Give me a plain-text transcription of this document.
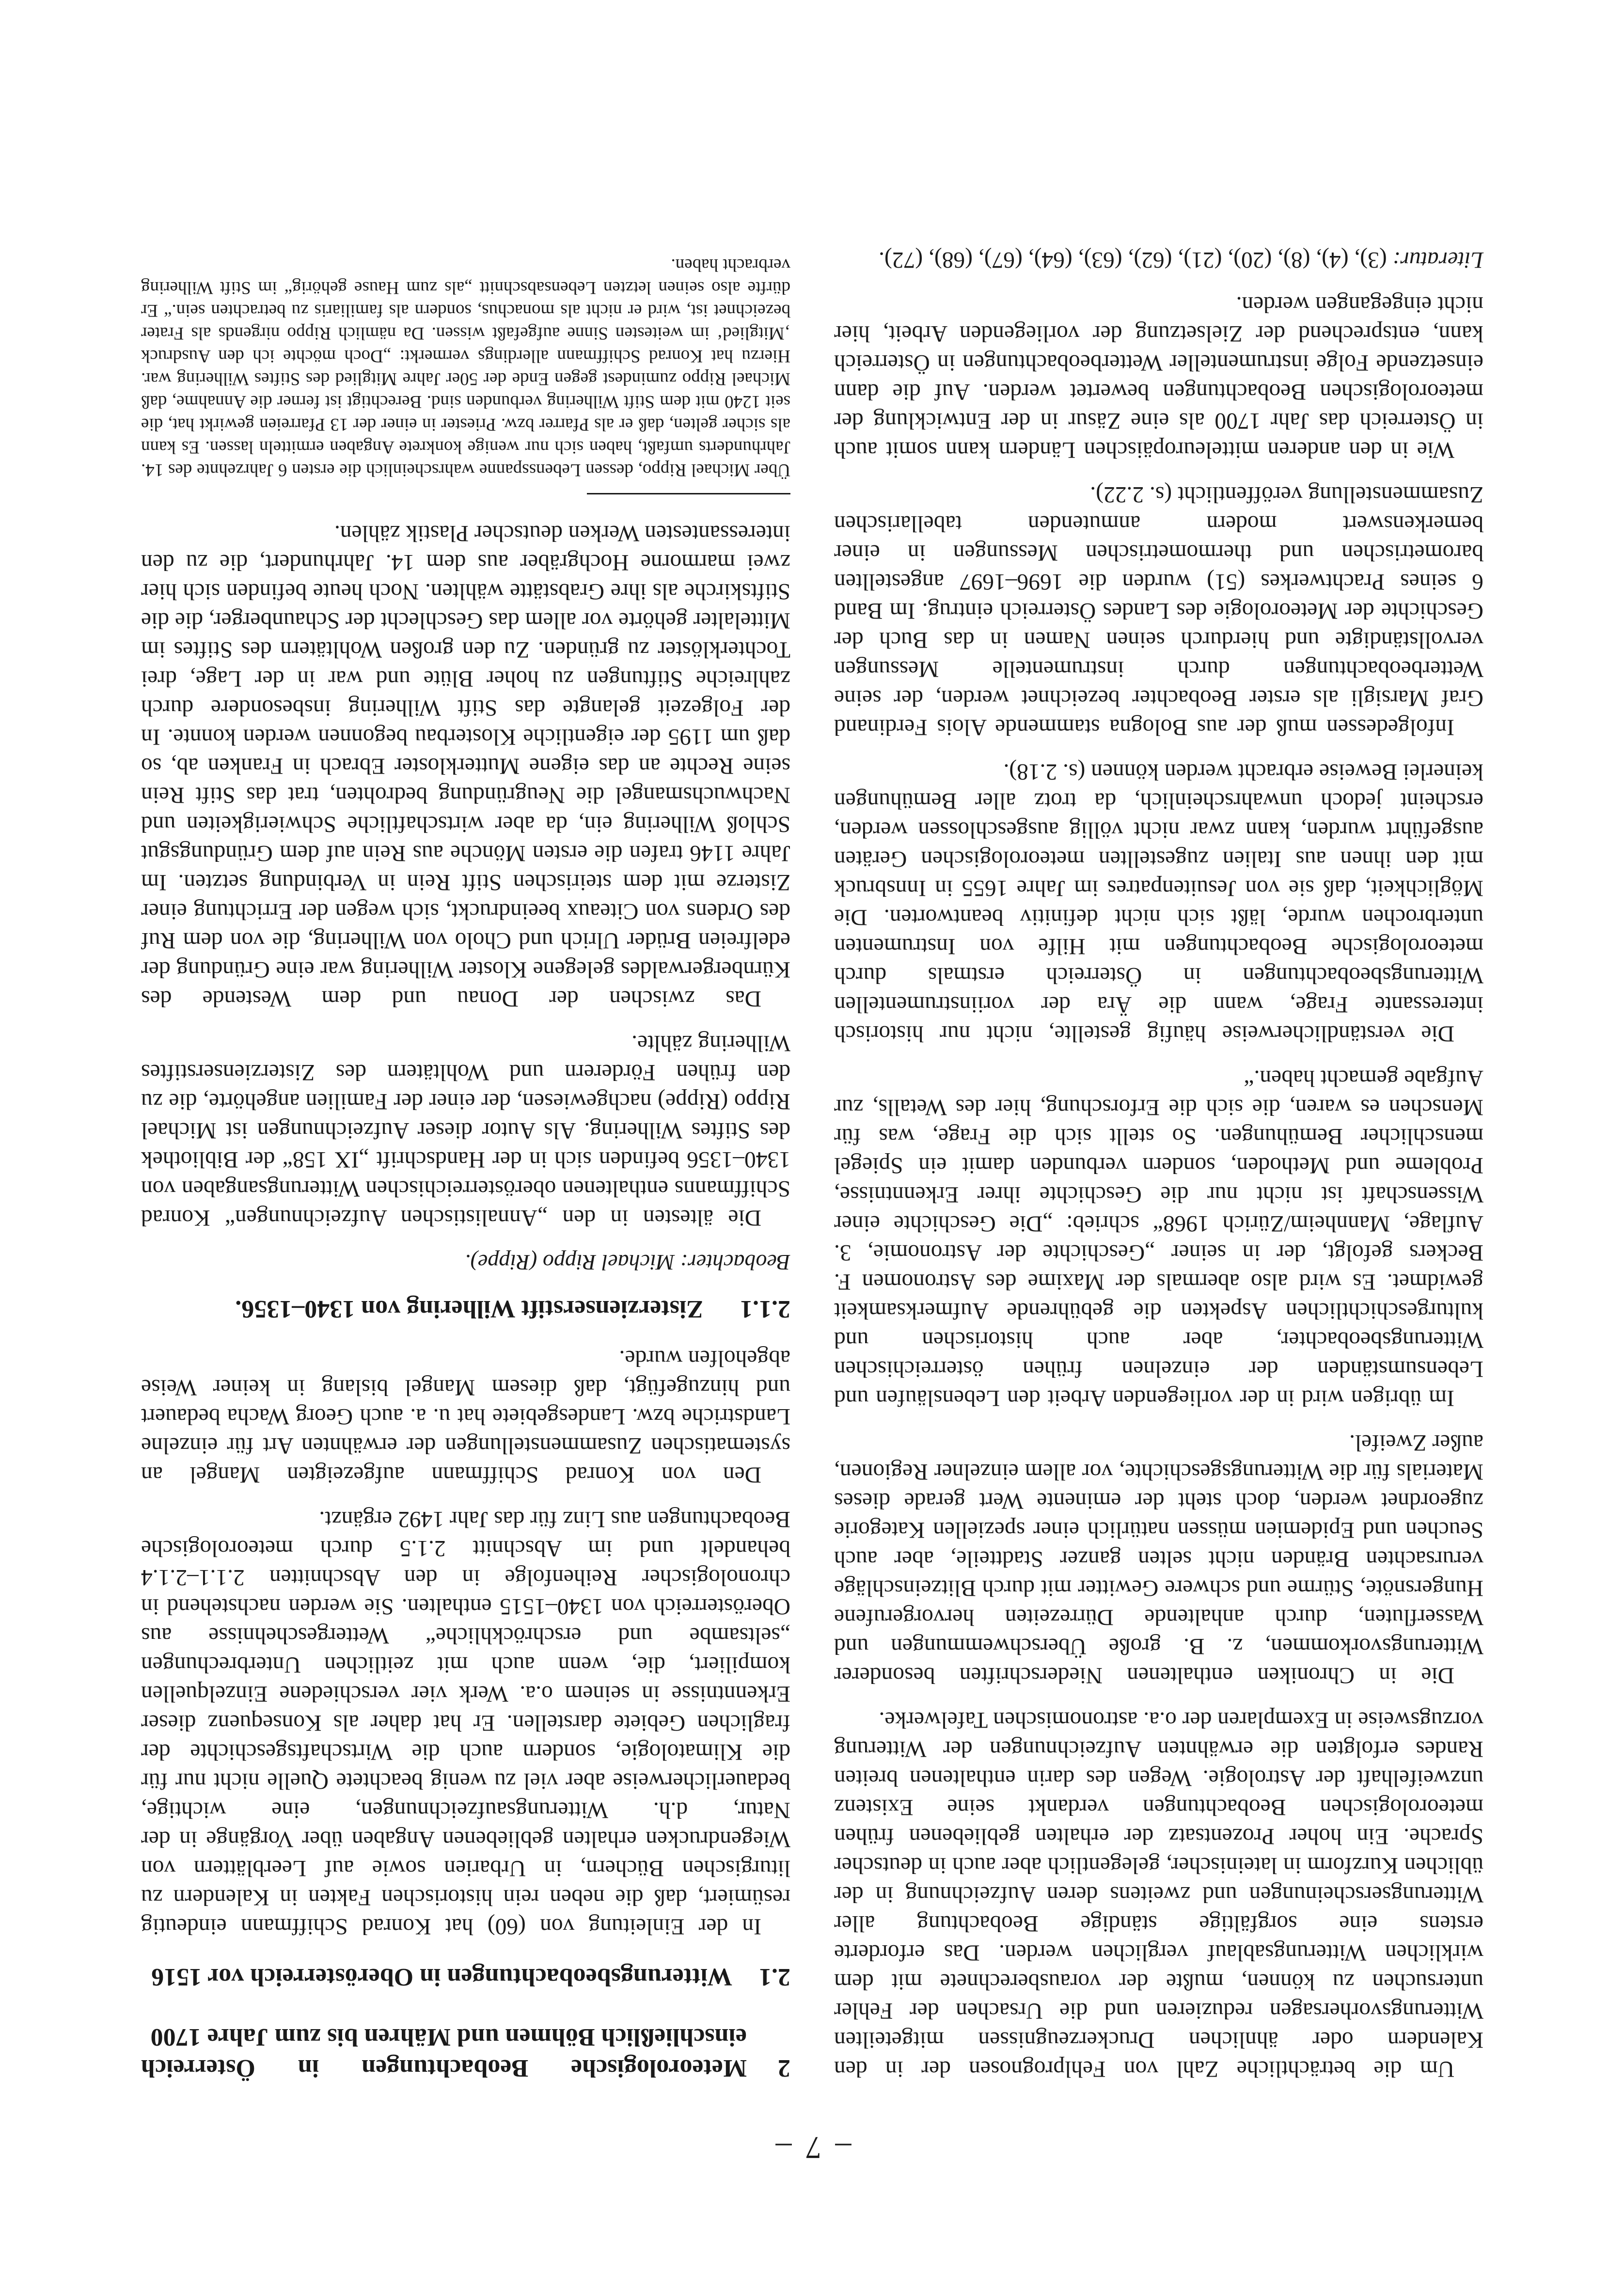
– 7 –

Um die beträchtliche Zahl von Fehlprognosen der in den Kalendern oder ähnlichen Druckerzeugnissen mitgeteilten Witterungsvorhersagen reduzieren und die Ursachen der Fehler untersuchen zu können, mußte der vorausberechnete mit dem wirklichen Witterungsablauf verglichen werden. Das erforderte erstens eine sorgfältige ständige Beobachtung aller Witterungserscheinungen und zweitens deren Aufzeichnung in der üblichen Kurzform in lateinischer, gelegentlich aber auch in deutscher Sprache. Ein hoher Prozentsatz der erhalten gebliebenen frühen meteorologischen Beobachtungen verdankt seine Existenz unzweifelhaft der Astrologie. Wegen des darin enthaltenen breiten Randes erfolgten die erwähnten Aufzeichnungen der Witterung vorzugsweise in Exemplaren der o.a. astronomischen Tafelwerke.

Die in Chroniken enthaltenen Niederschriften besonderer Witterungsvorkommen, z. B. große Überschwemmungen und Wasserfluten, durch anhaltende Dürrezeiten hervorgerufene Hungersnöte, Stürme und schwere Gewitter mit durch Blitzeinschläge verursachten Bränden nicht selten ganzer Stadtteile, aber auch Seuchen und Epidemien müssen natürlich einer speziellen Kategorie zugeordnet werden, doch steht der eminente Wert gerade dieses Materials für die Witterungsgeschichte, vor allem einzelner Regionen, außer Zweifel.

Im übrigen wird in der vorliegenden Arbeit den Lebensläufen und Lebensumständen der einzelnen frühen österreichischen Witterungsbeobachter, aber auch historischen und kulturgeschichtlichen Aspekten die gebührende Aufmerksamkeit gewidmet. Es wird also abermals der Maxime des Astronomen F. Beckers gefolgt, der in seiner „Geschichte der Astronomie, 3. Auflage, Mannheim/Zürich 1968“ schrieb: „Die Geschichte einer Wissenschaft ist nicht nur die Geschichte ihrer Erkenntnisse, Probleme und Methoden, sondern verbunden damit ein Spiegel menschlicher Bemühungen. So stellt sich die Frage, was für Menschen es waren, die sich die Erforschung, hier des Wetalls, zur Aufgabe gemacht haben.“

Die verständlicherweise häufig gestellte, nicht nur historisch interessante Frage, wann die Ära der voriinstrumentellen Witterungsbeobachtungen in Österreich erstmals durch meteorologische Beobachtungen mit Hilfe von Instrumenten unterbrochen wurde, läßt sich nicht definitiv beantworten. Die Möglichkeit, daß sie von Jesuitenpatres im Jahre 1655 in Innsbruck mit den ihnen aus Italien zugestellten meteorologischen Geräten ausgeführt wurden, kann zwar nicht völlig ausgeschlossen werden, erscheint jedoch unwahrscheinlich, da trotz aller Bemühungen keinerlei Beweise erbracht werden können (s. 2.18).

Infolgedessen muß der aus Bologna stammende Alois Ferdinand Graf Marsigli als erster Beobachter bezeichnet werden, der seine Wetterbeobachtungen durch instrumentelle Messungen vervollständigte und hierdurch seinen Namen in das Buch der Geschichte der Meteorologie des Landes Österreich eintrug. Im Band 6 seines Prachtwerkes (51) wurden die 1696–1697 angestellten barometrischen und thermometrischen Messungen in einer bemerkenswert modern anmutenden tabellarischen Zusammenstellung veröffentlicht (s. 2.22).

Wie in den anderen mitteleuropäischen Ländern kann somit auch in Österreich das Jahr 1700 als eine Zäsur in der Entwicklung der meteorologischen Beobachtungen bewertet werden. Auf die dann einsetzende Folge instrumenteller Wetterbeobachtungen in Österreich kann, entsprechend der Zielsetzung der vorliegenden Arbeit, hier nicht eingegangen werden.

Literatur: (3), (4), (8), (20), (21), (62), (63), (64), (67), (68), (72).

2
Meteorologische Beobachtungen in Österreich einschließlich Böhmen und Mähren bis zum Jahre 1700
2.1
Witterungsbeobachtungen in Oberösterreich vor 1516

In der Einleitung von (60) hat Konrad Schiffmann eindeutig resümiert, daß die neben rein historischen Fakten in Kalendern zu liturgischen Büchern, in Urbarien sowie auf Leerblättern von Wiegendrucken erhalten gebliebenen Angaben über Vorgänge in der Natur, d.h. Witterungsaufzeichnungen, eine wichtige, bedauerlicherweise aber viel zu wenig beachtete Quelle nicht nur für die Klimatologie, sondern auch die Wirtschaftsgeschichte der fraglichen Gebiete darstellen. Er hat daher als Konsequenz dieser Erkenntnisse in seinem o.a. Werk vier verschiedene Einzelquellen kompiliert, die, wenn auch mit zeitlichen Unterbrechungen „seltsambe und erschröckhliche“ Wettergeschehnisse aus Oberösterreich von 1340–1515 enthalten. Sie werden nachstehend in chronologischer Reihenfolge in den Abschnitten 2.1.1–2.1.4 behandelt und im Abschnitt 2.1.5 durch meteorologische Beobachtungen aus Linz für das Jahr 1492 ergänzt.

Den von Konrad Schiffmann aufgezeigten Mangel an systematischen Zusammenstellungen der erwähnten Art für einzelne Landstriche bzw. Landesgebiete hat u. a. auch Georg Wacha bedauert und hinzugefügt, daß diesem Mangel bislang in keiner Weise abgeholfen wurde.

2.1.1
Zisterzienserstift Wilhering von 1340–1356.

Beobachter: Michael Rippo (Rippe).

Die ältesten in den „Annalistischen Aufzeichnungen“ Konrad Schiffmanns enthaltenen oberösterreichischen Witterungsangaben von 1340–1356 befinden sich in der Handschrift „IX 158“ der Bibliothek des Stiftes Wilhering. Als Autor dieser Aufzeichnungen ist Michael Rippo (Rippe) nachgewiesen, der einer der Familien angehörte, die zu den frühen Förderern und Wohltätern des Zisterzienserstiftes Wilhering zählte.

Das zwischen der Donau und dem Westende des Kürnbergerwaldes gelegene Kloster Wilhering war eine Gründung der edelfreien Brüder Ulrich und Cholo von Wilhering, die von dem Ruf des Ordens von Citeaux beeindruckt, sich wegen der Errichtung einer Zisterze mit dem steirischen Stift Rein in Verbindung setzten. Im Jahre 1146 trafen die ersten Mönche aus Rein auf dem Gründungsgut Schloß Wilhering ein, da aber wirtschaftliche Schwierigkeiten und Nachwuchsmangel die Neugründung bedrohten, trat das Stift Rein seine Rechte an das eigene Mutterkloster Ebrach in Franken ab, so daß um 1195 der eigentliche Klosterbau begonnen werden konnte. In der Folgezeit gelangte das Stift Wilhering insbesondere durch zahlreiche Stiftungen zu hoher Blüte und war in der Lage, drei Tochterklöster zu gründen. Zu den großen Wohltätern des Stiftes im Mittelalter gehörte vor allem das Geschlecht der Schaunberger, die die Stiftskirche als ihre Grabstätte wählten. Noch heute befinden sich hier zwei marmorne Hochgräber aus dem 14. Jahrhundert, die zu den interessantesten Werken deutscher Plastik zählen.

Über Michael Rippo, dessen Lebensspanne wahrscheinlich die ersten 6 Jahrzehnte des 14. Jahrhunderts umfaßt, haben sich nur wenige konkrete Angaben ermitteln lassen. Es kann als sicher gelten, daß er als Pfarrer bzw. Priester in einer der 13 Pfarreien gewirkt hat, die seit 1240 mit dem Stift Wilhering verbunden sind. Berechtigt ist ferner die Annahme, daß Michael Rippo zumindest gegen Ende der 50er Jahre Mitglied des Stiftes Wilhering war. Hierzu hat Konrad Schiffmann allerdings vermerkt: „Doch möchte ich den Ausdruck ‚Mitglied‘ im weitesten Sinne aufgefaßt wissen. Da nämlich Rippo nirgends als Frater bezeichnet ist, wird er nicht als monachus, sondern als familiaris zu betrachten sein.“ Er dürfte also seinen letzten Lebensabschnitt „als zum Hause gehörig“ im Stift Wilhering verbracht haben.
